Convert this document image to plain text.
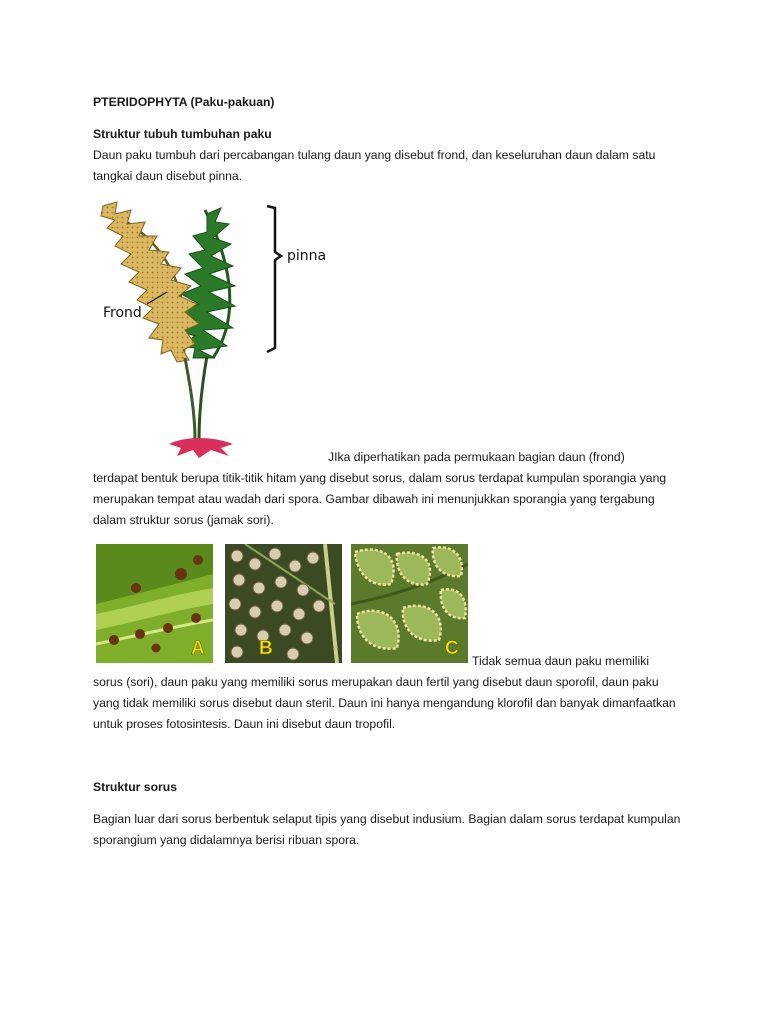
PTERIDOPHYTA (Paku-pakuan)
Struktur tubuh tumbuhan paku
Daun paku tumbuh dari percabangan tulang daun yang disebut frond, dan keseluruhan daun dalam satu tangkai daun disebut pinna.
pinna
Frond
JIka diperhatikan pada permukaan bagian daun (frond)
terdapat bentuk berupa titik-titik hitam yang disebut sorus, dalam sorus terdapat kumpulan sporangia yang merupakan tempat atau wadah dari spora. Gambar dibawah ini menunjukkan sporangia yang tergabung dalam struktur sorus (jamak sori).
A	B	C
Tidak semua daun paku memiliki
sorus (sori), daun paku yang memiliki sorus merupakan daun fertil yang disebut daun sporofil, daun paku yang tidak memiliki sorus disebut daun steril. Daun ini hanya mengandung klorofil dan banyak dimanfaatkan untuk proses fotosintesis. Daun ini disebut daun tropofil.
Struktur sorus
Bagian luar dari sorus berbentuk selaput tipis yang disebut indusium. Bagian dalam sorus terdapat kumpulan sporangium yang didalamnya berisi ribuan spora.
